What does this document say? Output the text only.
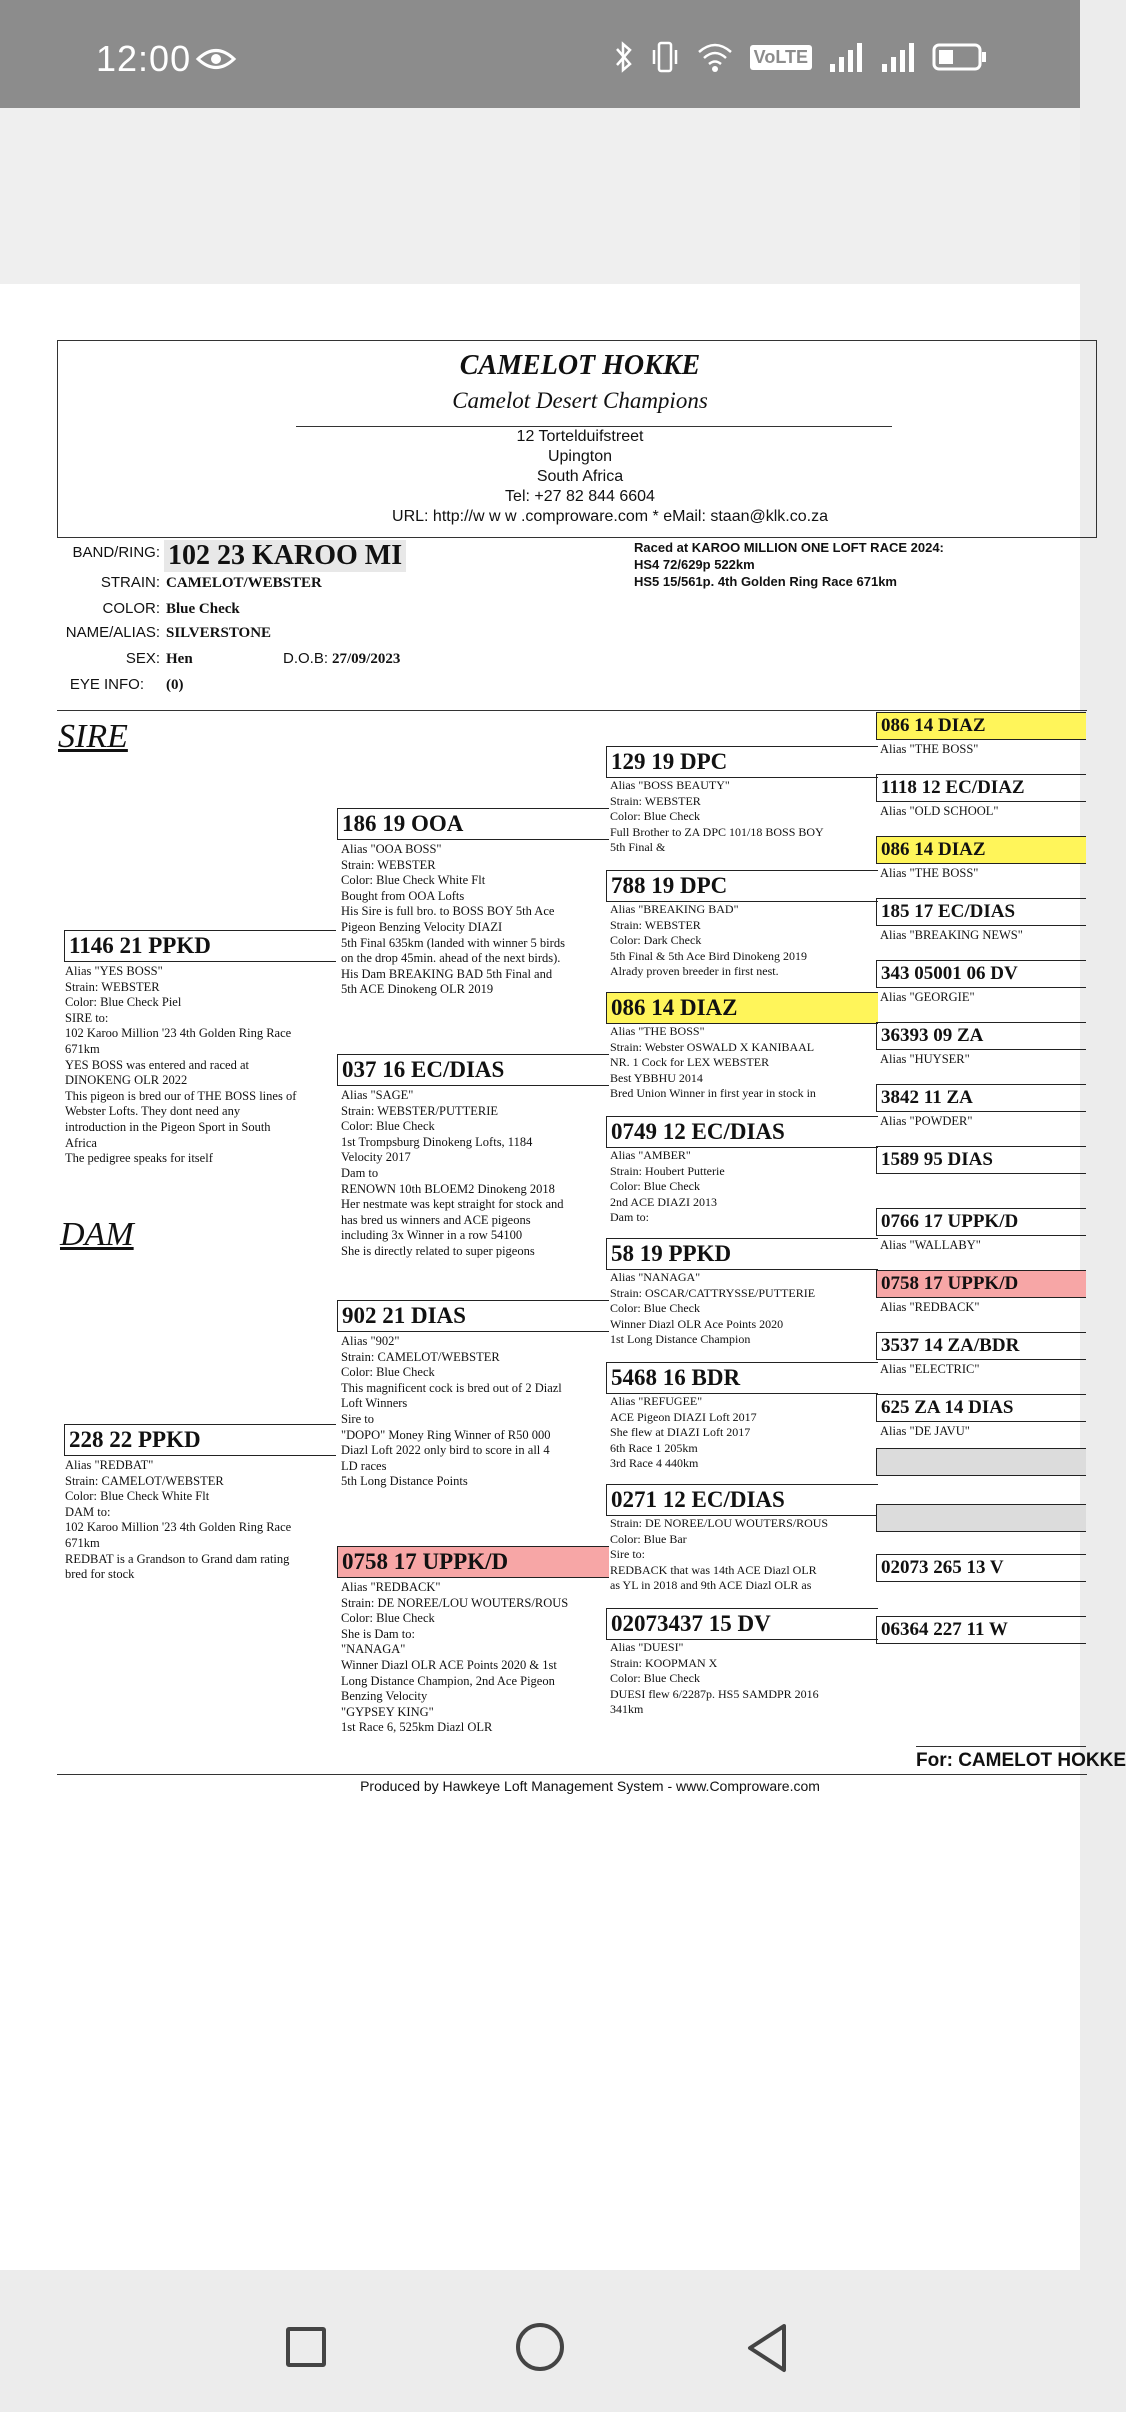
12:00	VoLTE
CAMELOT HOKKE
Camelot Desert Champions
12 Tortelduifstreet
Upington
South Africa
Tel: +27 82 844 6604
URL: http://w w w .comproware.com * eMail: staan@klk.co.za
BAND/RING: 102 23 KAROO MI
STRAIN: CAMELOT/WEBSTER
COLOR: Blue Check
NAME/ALIAS: SILVERSTONE
SEX: Hen	D.O.B: 27/09/2023
EYE INFO: (0)
Raced at KAROO MILLION ONE LOFT RACE 2024:
HS4 72/629p 522km
HS5 15/561p. 4th Golden Ring Race 671km
SIRE
DAM
1146 21 PPKD
Alias "YES BOSS"
Strain: WEBSTER
Color: Blue Check Piel
SIRE to:
102 Karoo Million '23 4th Golden Ring Race
671km
YES BOSS was entered and raced at
DINOKENG OLR 2022
This pigeon is bred our of THE BOSS lines of
Webster Lofts. They dont need any
introduction in the Pigeon Sport in South
Africa
The pedigree speaks for itself
228 22 PPKD
Alias "REDBAT"
Strain: CAMELOT/WEBSTER
Color: Blue Check White Flt
DAM to:
102 Karoo Million '23 4th Golden Ring Race
671km
REDBAT is a Grandson to Grand dam rating
bred for stock
186 19 OOA
Alias "OOA BOSS"
Strain: WEBSTER
Color: Blue Check White Flt
Bought from OOA Lofts
His Sire is full bro. to BOSS BOY 5th Ace
Pigeon Benzing Velocity DIAZI
5th Final 635km (landed with winner 5 birds
on the drop 45min. ahead of the next birds).
His Dam BREAKING BAD 5th Final and
5th ACE Dinokeng OLR 2019
037 16 EC/DIAS
Alias "SAGE"
Strain: WEBSTER/PUTTERIE
Color: Blue Check
1st Trompsburg Dinokeng Lofts, 1184
Velocity 2017
Dam to
RENOWN 10th BLOEM2 Dinokeng 2018
Her nestmate was kept straight for stock and
has bred us winners and ACE pigeons
including 3x Winner in a row 54100
She is directly related to super pigeons
902 21 DIAS
Alias "902"
Strain: CAMELOT/WEBSTER
Color: Blue Check
This magnificent cock is bred out of 2 Diazl
Loft Winners
Sire to
"DOPO" Money Ring Winner of R50 000
Diazl Loft 2022 only bird to score in all 4
LD races
5th Long Distance Points
0758 17 UPPK/D
Alias "REDBACK"
Strain: DE NOREE/LOU WOUTERS/ROUS
Color: Blue Check
She is Dam to:
"NANAGA"
Winner Diazl OLR ACE Points 2020 & 1st
Long Distance Champion, 2nd Ace Pigeon
Benzing Velocity
"GYPSEY KING"
1st Race 6, 525km Diazl OLR
129 19 DPC
Alias "BOSS BEAUTY"
Strain: WEBSTER
Color: Blue Check
Full Brother to ZA DPC 101/18 BOSS BOY
5th Final &
788 19 DPC
Alias "BREAKING BAD"
Strain: WEBSTER
Color: Dark Check
5th Final & 5th Ace Bird Dinokeng 2019
Alrady proven breeder in first nest.
086 14 DIAZ
Alias "THE BOSS"
Strain: Webster OSWALD X KANIBAAL
NR. 1 Cock for LEX WEBSTER
Best YBBHU 2014
Bred Union Winner in first year in stock in
0749 12 EC/DIAS
Alias "AMBER"
Strain: Houbert Putterie
Color: Blue Check
2nd ACE DIAZI 2013
Dam to:
58 19 PPKD
Alias "NANAGA"
Strain: OSCAR/CATTRYSSE/PUTTERIE
Color: Blue Check
Winner Diazl OLR Ace Points 2020
1st Long Distance Champion
5468 16 BDR
Alias "REFUGEE"
ACE Pigeon DIAZI Loft 2017
She flew at DIAZI Loft 2017
6th Race 1 205km
3rd Race 4 440km
0271 12 EC/DIAS
Strain: DE NOREE/LOU WOUTERS/ROUS
Color: Blue Bar
Sire to:
REDBACK that was 14th ACE Diazl OLR
as YL in 2018 and 9th ACE Diazl OLR as
02073437 15 DV
Alias "DUESI"
Strain: KOOPMAN X
Color: Blue Check
DUESI flew 6/2287p. HS5 SAMDPR 2016
341km
086 14 DIAZ
Alias "THE BOSS"
1118 12 EC/DIAZ
Alias "OLD SCHOOL"
086 14 DIAZ
Alias "THE BOSS"
185 17 EC/DIAS
Alias "BREAKING NEWS"
343 05001 06 DV
Alias "GEORGIE"
36393 09 ZA
Alias "HUYSER"
3842 11 ZA
Alias "POWDER"
1589 95 DIAS
0766 17 UPPK/D
Alias "WALLABY"
0758 17 UPPK/D
Alias "REDBACK"
3537 14 ZA/BDR
Alias "ELECTRIC"
625 ZA 14 DIAS
Alias "DE JAVU"
02073 265 13 V
06364 227 11 W
For: CAMELOT HOKKE
Produced by Hawkeye Loft Management System - www.Comproware.com
